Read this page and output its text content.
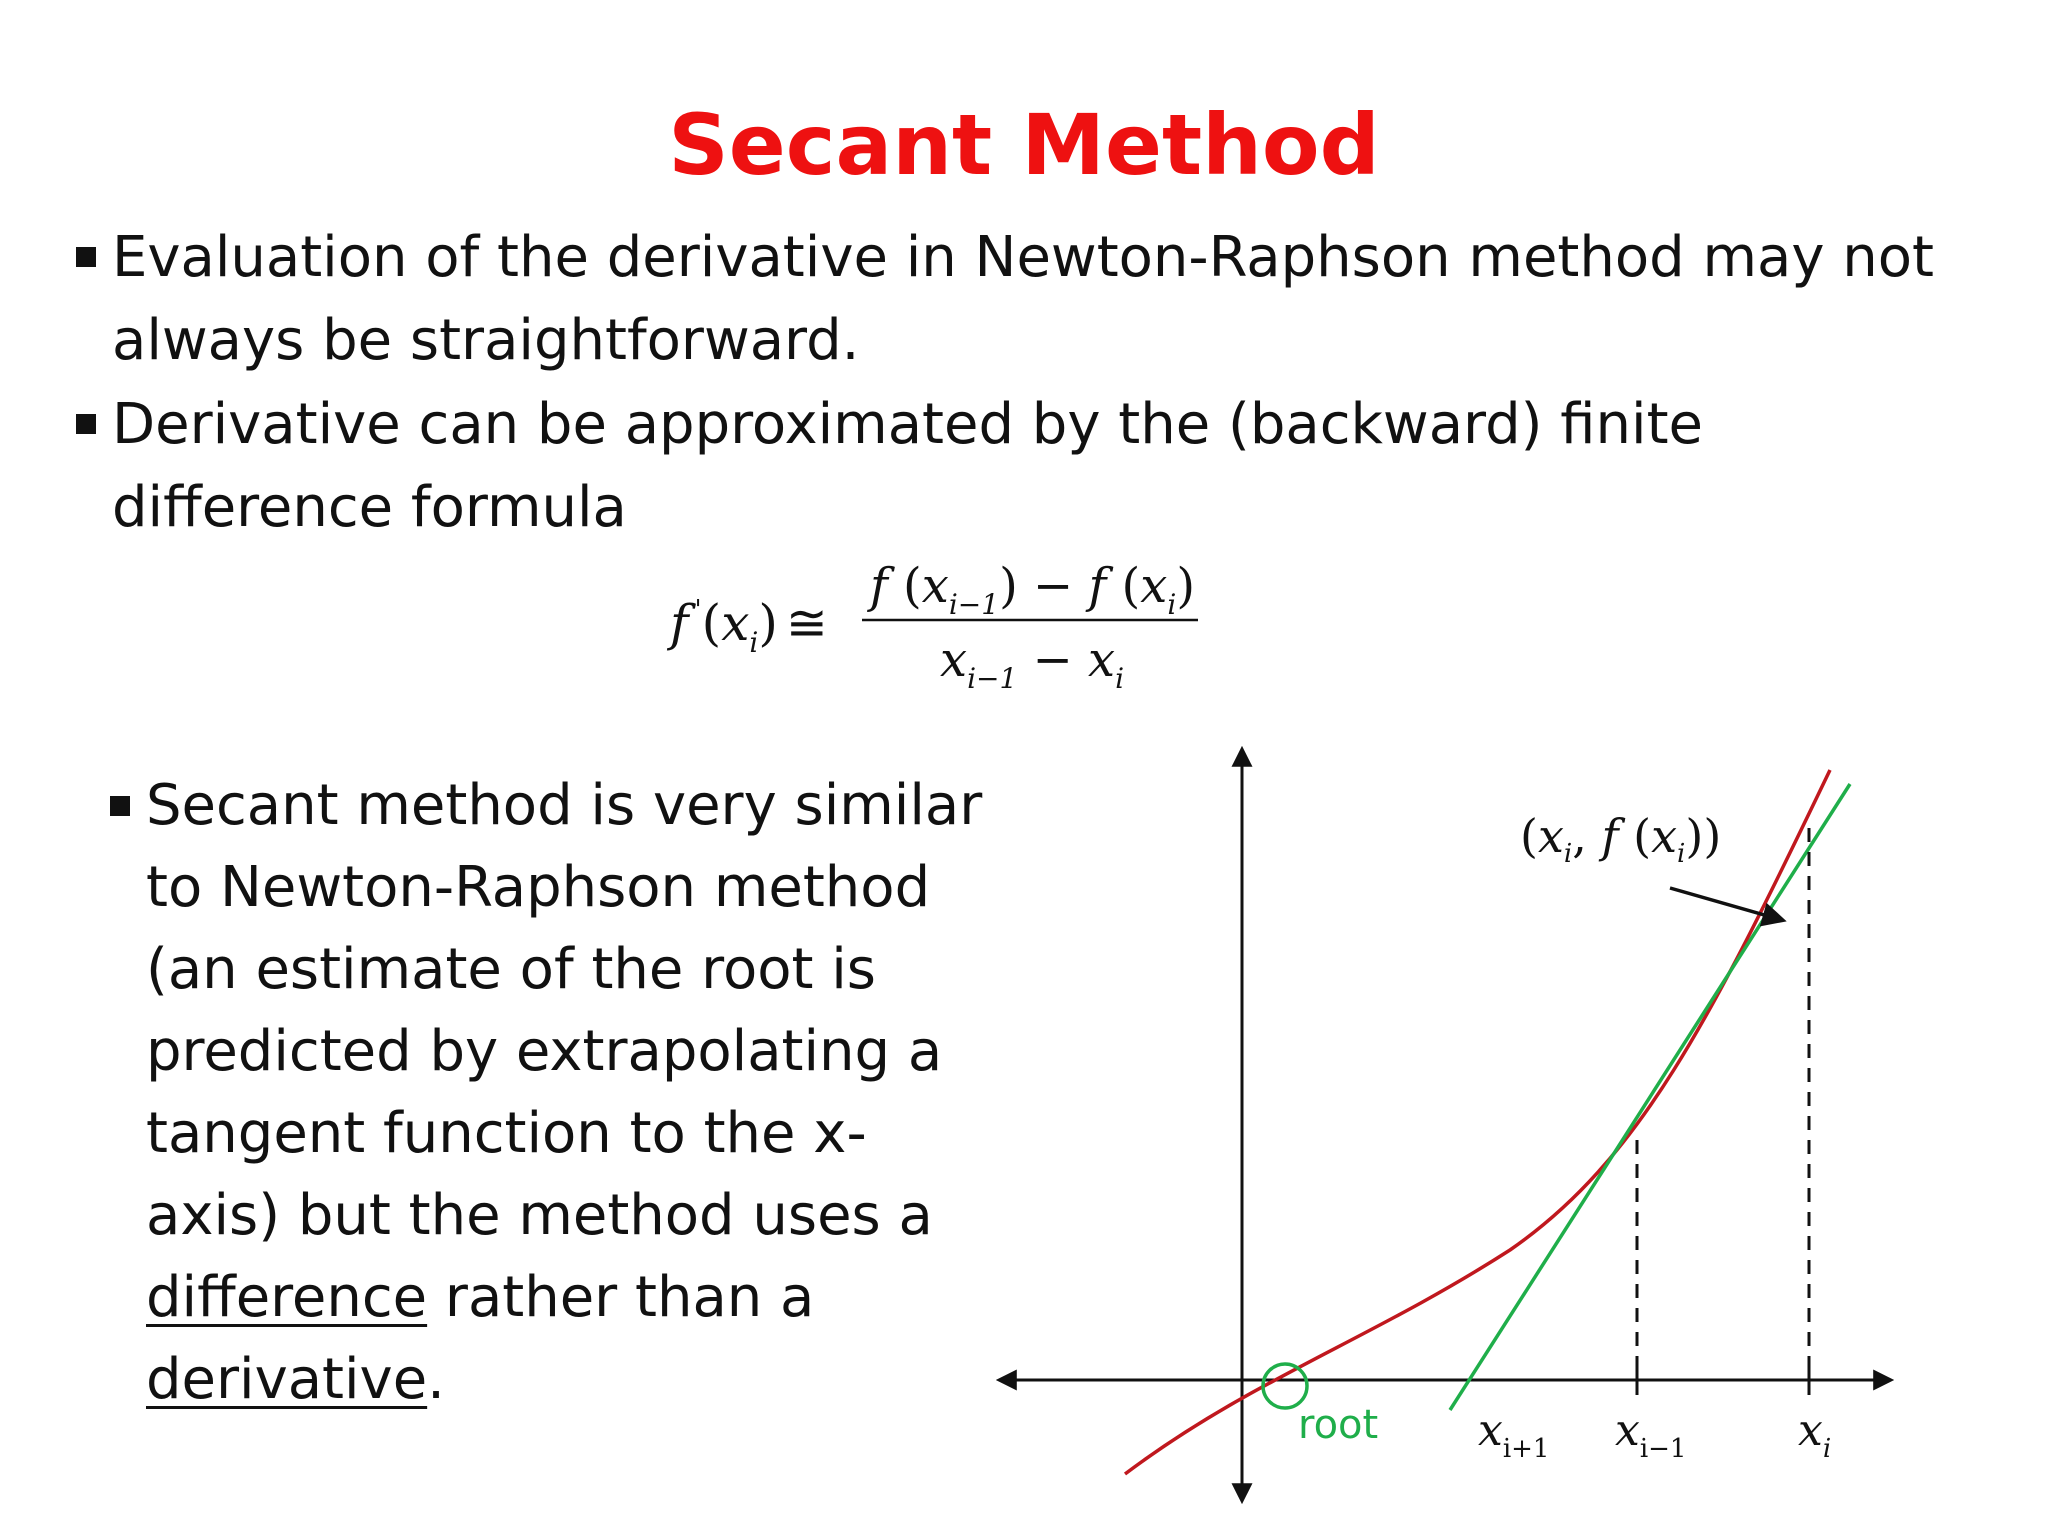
Secant Method
Evaluation of the derivative in Newton-Raphson method may not always be straightforward.
Derivative can be approximated by the (backward) finite difference formula
f $'(x_i)$ ≅
f $(x_{i-1}) - f$ $(x_i)$
$x_{i-1} - x_i$
Secant method is very similar to Newton-Raphson method (an estimate of the root is predicted by extrapolating a tangent function to the x-axis) but the method uses a difference rather than a
derivative.
root
($x_i$, f $(x_i)$)
$x_{i+1}$ $x_{i-1}$	$x_i$
